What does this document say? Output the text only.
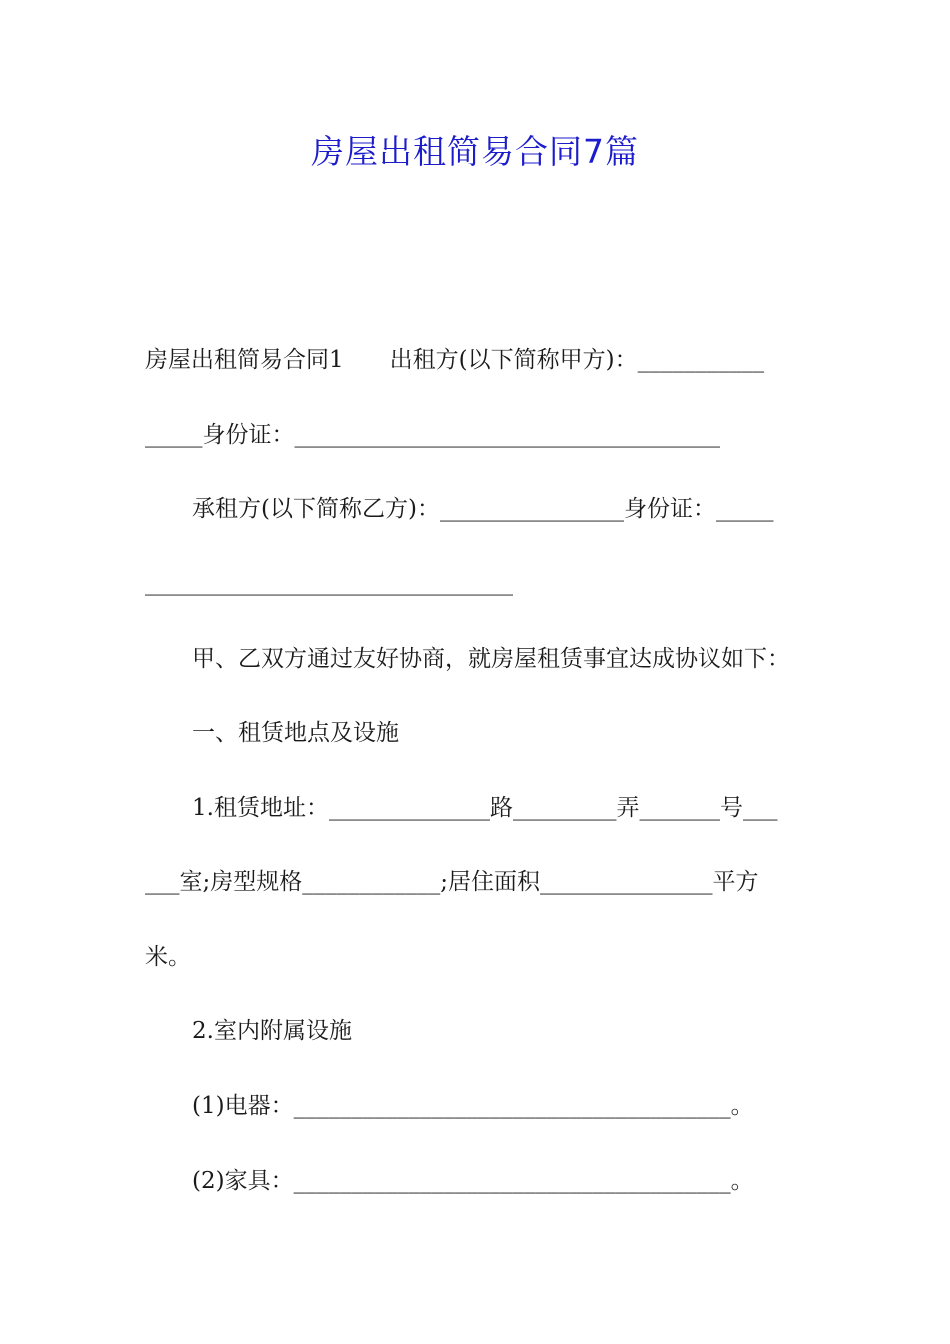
房屋出租简易合同7篇
房屋出租简易合同1　　出租方(以下简称甲方)：___________
_____身份证：_____________________________________
承租方(以下简称乙方)：________________身份证：_____
________________________________
甲、乙双方通过友好协商，就房屋租赁事宜达成协议如下：
一、租赁地点及设施
1.租赁地址：______________路_________弄_______号___
___室;房型规格____________;居住面积_______________平方
米。
2.室内附属设施
(1)电器：______________________________________。
(2)家具：______________________________________。
